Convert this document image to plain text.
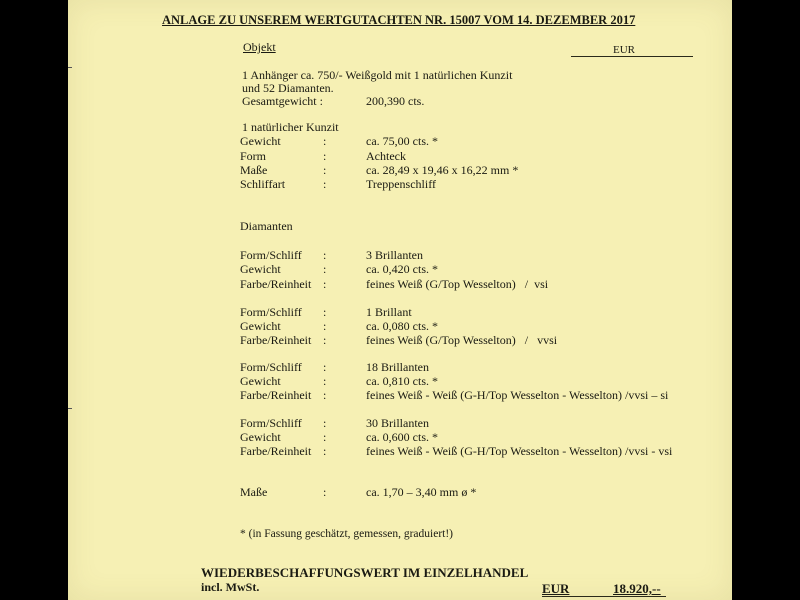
ANLAGE ZU UNSEREM WERTGUTACHTEN NR. 15007 VOM 14. DEZEMBER 2017
Objekt	EUR
1 Anhänger ca. 750/- Weißgold mit 1 natürlichen Kunzit
und 52 Diamanten.
Gesamtgewicht :	200,390 cts.
1 natürlicher Kunzit
Gewicht	:	ca. 75,00 cts. *
Form	:	Achteck
Maße	:	ca. 28,49 x 19,46 x 16,22 mm *
Schliffart	:	Treppenschliff
Diamanten
Form/Schliff :	3 Brillanten
Gewicht	:	ca. 0,420 cts. *
Farbe/Reinheit :	feines Weiß (G/Top Wesselton)   /  vsi
Form/Schliff :	1 Brillant
Gewicht	:	ca. 0,080 cts. *
Farbe/Reinheit :	feines Weiß (G/Top Wesselton)   /   vvsi
Form/Schliff :	18 Brillanten
Gewicht	:	ca. 0,810 cts. *
Farbe/Reinheit :	feines Weiß - Weiß (G-H/Top Wesselton - Wesselton) /vvsi – si
Form/Schliff :	30 Brillanten
Gewicht	:	ca. 0,600 cts. *
Farbe/Reinheit :	feines Weiß - Weiß (G-H/Top Wesselton - Wesselton) /vvsi - vsi
Maße	:	ca. 1,70 – 3,40 mm ø *
* (in Fassung geschätzt, gemessen, graduiert!)
WIEDERBESCHAFFUNGSWERT IM EINZELHANDEL
incl. MwSt.	EUR	18.920,--
